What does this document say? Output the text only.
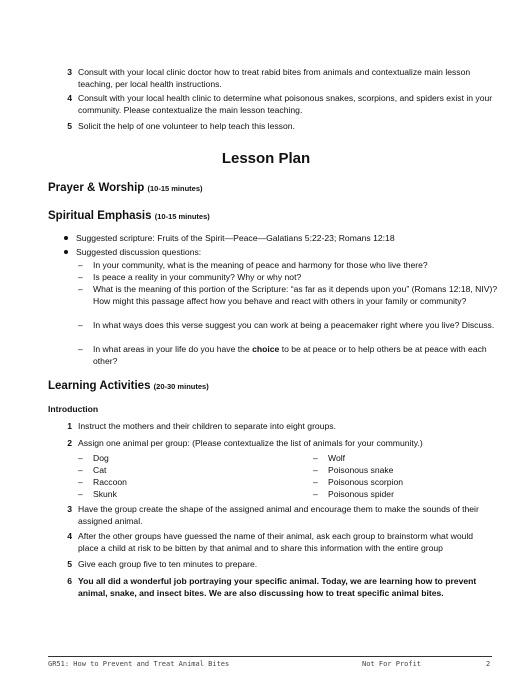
3 Consult with your local clinic doctor how to treat rabid bites from animals and contextualize main lesson teaching, per local health instructions.
4 Consult with your local health clinic to determine what poisonous snakes, scorpions, and spiders exist in your community. Please contextualize the main lesson teaching.
5 Solicit the help of one volunteer to help teach this lesson.
Lesson Plan
Prayer & Worship (10-15 minutes)
Spiritual Emphasis (10-15 minutes)
Suggested scripture: Fruits of the Spirit—Peace—Galatians 5:22-23; Romans 12:18
Suggested discussion questions:
– In your community, what is the meaning of peace and harmony for those who live there?
– Is peace a reality in your community? Why or why not?
– What is the meaning of this portion of the Scripture: “as far as it depends upon you” (Romans 12:18, NIV)? How might this passage affect how you behave and react with others in your family or community?
– In what ways does this verse suggest you can work at being a peacemaker right where you live? Discuss.
– In what areas in your life do you have the choice to be at peace or to help others be at peace with each other?
Learning Activities (20-30 minutes)
Introduction
1 Instruct the mothers and their children to separate into eight groups.
2 Assign one animal per group: (Please contextualize the list of animals for your community.)
– Dog
– Cat
– Raccoon
– Skunk
– Wolf
– Poisonous snake
– Poisonous scorpion
– Poisonous spider
3 Have the group create the shape of the assigned animal and encourage them to make the sounds of their assigned animal.
4 After the other groups have guessed the name of their animal, ask each group to brainstorm what would place a child at risk to be bitten by that animal and to share this information with the entire group
5 Give each group five to ten minutes to prepare.
6 You all did a wonderful job portraying your specific animal. Today, we are learning how to prevent animal, snake, and insect bites. We are also discussing how to treat specific animal bites.
GR51: How to Prevent and Treat Animal Bites	Not For Profit	2
